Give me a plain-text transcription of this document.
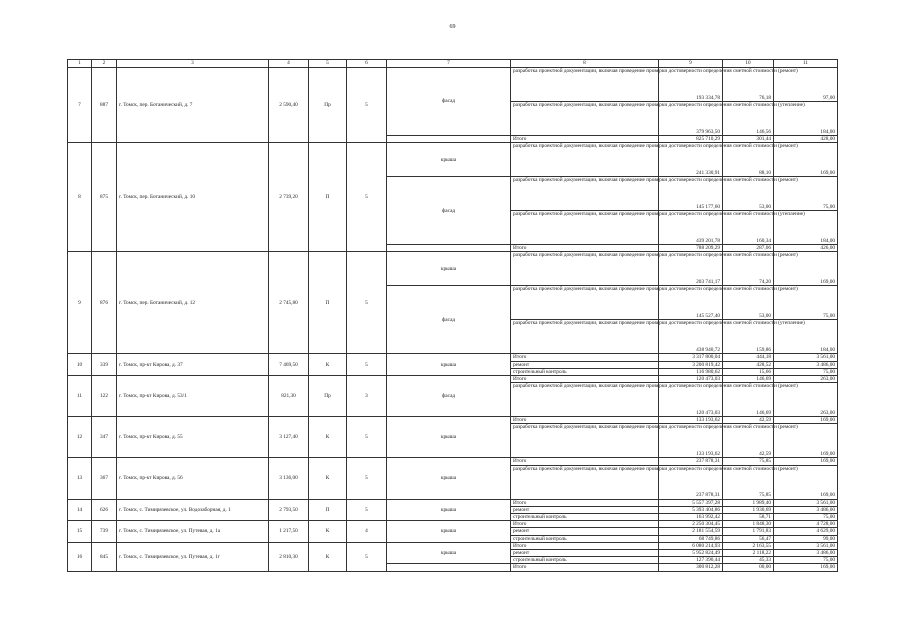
69
1	2	3	4	5	6	7	8	9	10	11
7	887	г. Томск, пер. Ботанический, д. 7	2 590,40	Пр	5	фасад	разработка проектной документации, включая проведение проверки достоверности определения сметной стоимости (ремонт)	193 334,78	76,18	97,00
							разработка проектной документации, включая проведение проверки достоверности определения сметной стоимости (утепление)	379 963,50	146,56	184,00
							Итого	825 710,29	301,44	428,00
8	875	г. Томск, пер. Ботанический, д. 10	2 739,20	П	5	крыша	разработка проектной документации, включая проведение проверки достоверности определения сметной стоимости (ремонт)	241 330,91	88,10	169,00
						фасад	разработка проектной документации, включая проведение проверки достоверности определения сметной стоимости (ремонт)	145 177,60	53,00	75,00
							разработка проектной документации, включая проведение проверки достоверности определения сметной стоимости (утепление)	439 201,78	160,34	184,00
							Итого	788 209,29	287,06	426,00
9	876	г. Томск, пер. Ботанический, д. 12	2 745,80	П	5	крыша	разработка проектной документации, включая проведение проверки достоверности определения сметной стоимости (ремонт)	203 741,17	74,20	169,00
						фасад	разработка проектной документации, включая проведение проверки достоверности определения сметной стоимости (ремонт)	145 527,40	53,00	75,00
							разработка проектной документации, включая проведение проверки достоверности определения сметной стоимости (утепление)	438 940,72	159,86	184,00
10	339	г. Томск, пр-кт Кирова, д. 37	7 469,50	К	5	крыша	Итого	3 317 800,04	444,18	3 561,00
							ремонт	3 200 819,42	428,52	3 486,00
							строительный контроль	116 980,62	15,66	75,00
11	122	г. Томск, пр-кт Кирова, д. 53/1	821,30	Пр	3	фасад	Итого	120 473,03	146,69	263,00
							разработка проектной документации, включая проведение проверки достоверности определения сметной стоимости (ремонт)	120 473,03	146,69	263,00
12	347	г. Томск, пр-кт Кирова, д. 55	3 127,40	К	5	крыша	Итого	133 193,62	42,59	169,00
							разработка проектной документации, включая проведение проверки достоверности определения сметной стоимости (ремонт)	133 193,62	42,59	169,00
13	367	г. Томск, пр-кт Кирова, д. 56	3 136,00	К	5	крыша	Итого	237 878,31	75,85	169,00
							разработка проектной документации, включая проведение проверки достоверности определения сметной стоимости (ремонт)	237 878,31	75,85	169,00
14	626	г. Томск, с. Тимирязевское, ул. Водозаборная, д. 1	2 793,50	П	5	крыша	Итого	5 557 397,28	1 989,40	3 561,00
							ремонт	5 393 404,86	1 930,69	3 486,00
							строительный контроль	163 992,42	58,71	75,00
15	739	г. Томск, с. Тимирязевское, ул. Путевая, д. 1а	1 217,50	К	4	крыша	Итого	2 250 304,45	1 848,30	4 728,00
							ремонт	2 181 554,59	1 791,83	4 629,00
							строительный контроль	68 749,86	56,47	99,00
16	845	г. Томск, с. Тимирязевское, ул. Путевая, д. 1г	2 810,30	К	5	крыша	Итого	6 080 214,93	2 163,55	3 561,00
							ремонт	5 952 824,49	2 118,22	3 486,00
							строительный контроль	127 390,44	45,33	75,00
							Итого	300 812,28	00,00	169,00
